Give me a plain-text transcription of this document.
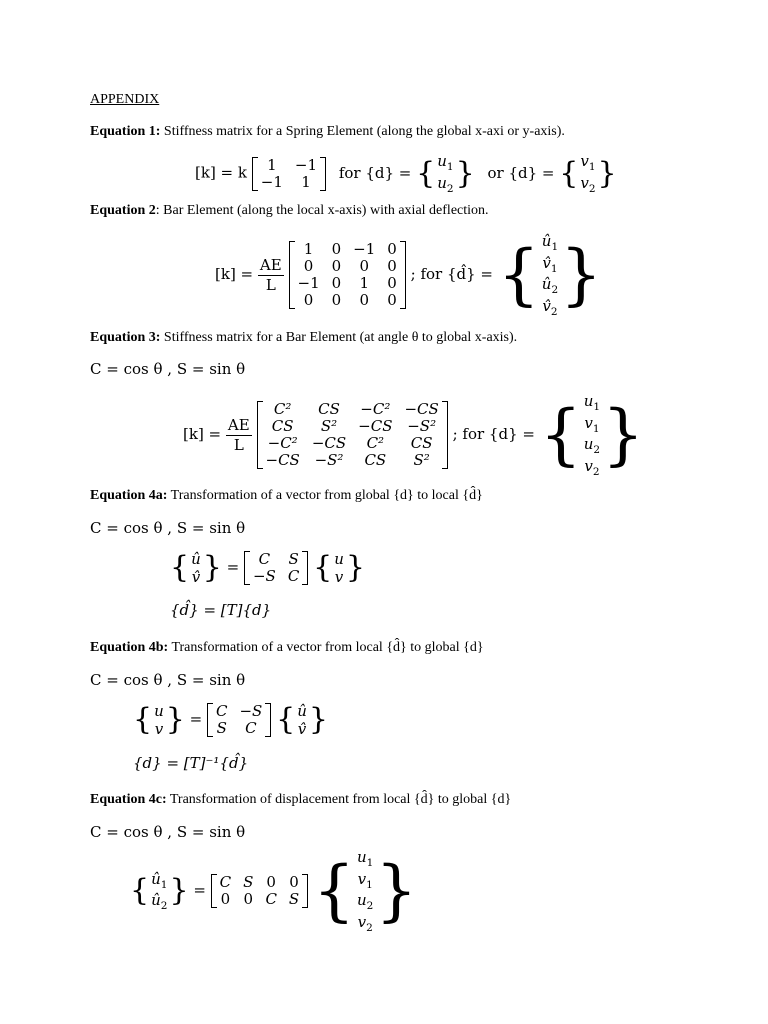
APPENDIX
Equation 1: Stiffness matrix for a Spring Element (along the global x-axi or y-axis).
[k] = k 1	−1
−1	1 for {d} = { $u_1$
$u_2$ } or {d} = { $v_1$
$v_2$ }
Equation 2: Bar Element (along the local x-axis) with axial deflection.
$[k] = \frac{AE}{L}$
1	0	−1	0
0	0	0	0
−1	0	1	0
0	0	0	0 ; for {d̂} = { $û_1$
$v̂_1$
$û_2$
$v̂_2$ }
Equation 3: Stiffness matrix for a Bar Element (at angle θ to global x-axis).
C = cos θ , S = sin θ
$[k] = \frac{AE}{L}$
C²	CS	−C²	−CS
CS	S²	−CS	−S²
−C²	−CS	C²	CS
−CS	−S²	CS	S² ; for {d} = { $u_1$
$v_1$
$u_2$
$v_2$ }
Equation 4a: Transformation of a vector from global {d} to local {d̂}
C = cos θ , S = sin θ
{ û
v̂ } = C	S
−S	C { u
v }
{d̂} = [T]{d}
Equation 4b: Transformation of a vector from local {d̂} to global {d}
C = cos θ , S = sin θ
{ u
v } = C	−S
S	C { û
v̂ }
{d} = [T]⁻¹{d̂}
Equation 4c: Transformation of displacement from local {d̂} to global {d}
C = cos θ , S = sin θ
{ $û_1$
$û_2$ } = C	S	0	0
0	0	C	S { $u_1$
$v_1$
$u_2$
$v_2$ }
